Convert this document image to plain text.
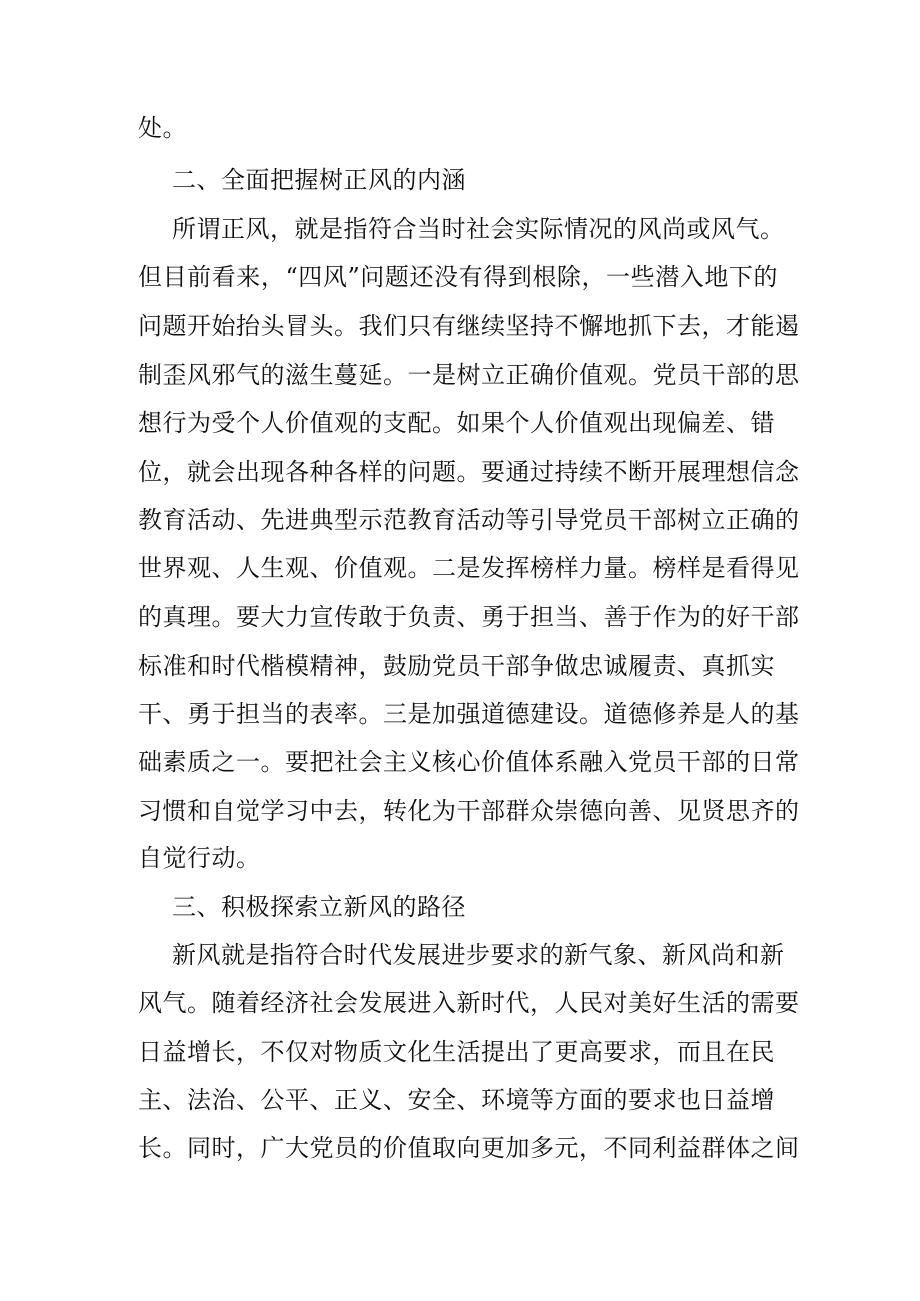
处。
二、全面把握树正风的内涵
所谓正风，就是指符合当时社会实际情况的风尚或风气。
但目前看来，“四风”问题还没有得到根除，一些潜入地下的
问题开始抬头冒头。我们只有继续坚持不懈地抓下去，才能遏
制歪风邪气的滋生蔓延。一是树立正确价值观。党员干部的思
想行为受个人价值观的支配。如果个人价值观出现偏差、错
位，就会出现各种各样的问题。要通过持续不断开展理想信念
教育活动、先进典型示范教育活动等引导党员干部树立正确的
世界观、人生观、价值观。二是发挥榜样力量。榜样是看得见
的真理。要大力宣传敢于负责、勇于担当、善于作为的好干部
标准和时代楷模精神，鼓励党员干部争做忠诚履责、真抓实
干、勇于担当的表率。三是加强道德建设。道德修养是人的基
础素质之一。要把社会主义核心价值体系融入党员干部的日常
习惯和自觉学习中去，转化为干部群众崇德向善、见贤思齐的
自觉行动。
三、积极探索立新风的路径
新风就是指符合时代发展进步要求的新气象、新风尚和新
风气。随着经济社会发展进入新时代，人民对美好生活的需要
日益增长，不仅对物质文化生活提出了更高要求，而且在民
主、法治、公平、正义、安全、环境等方面的要求也日益增
长。同时，广大党员的价值取向更加多元，不同利益群体之间
